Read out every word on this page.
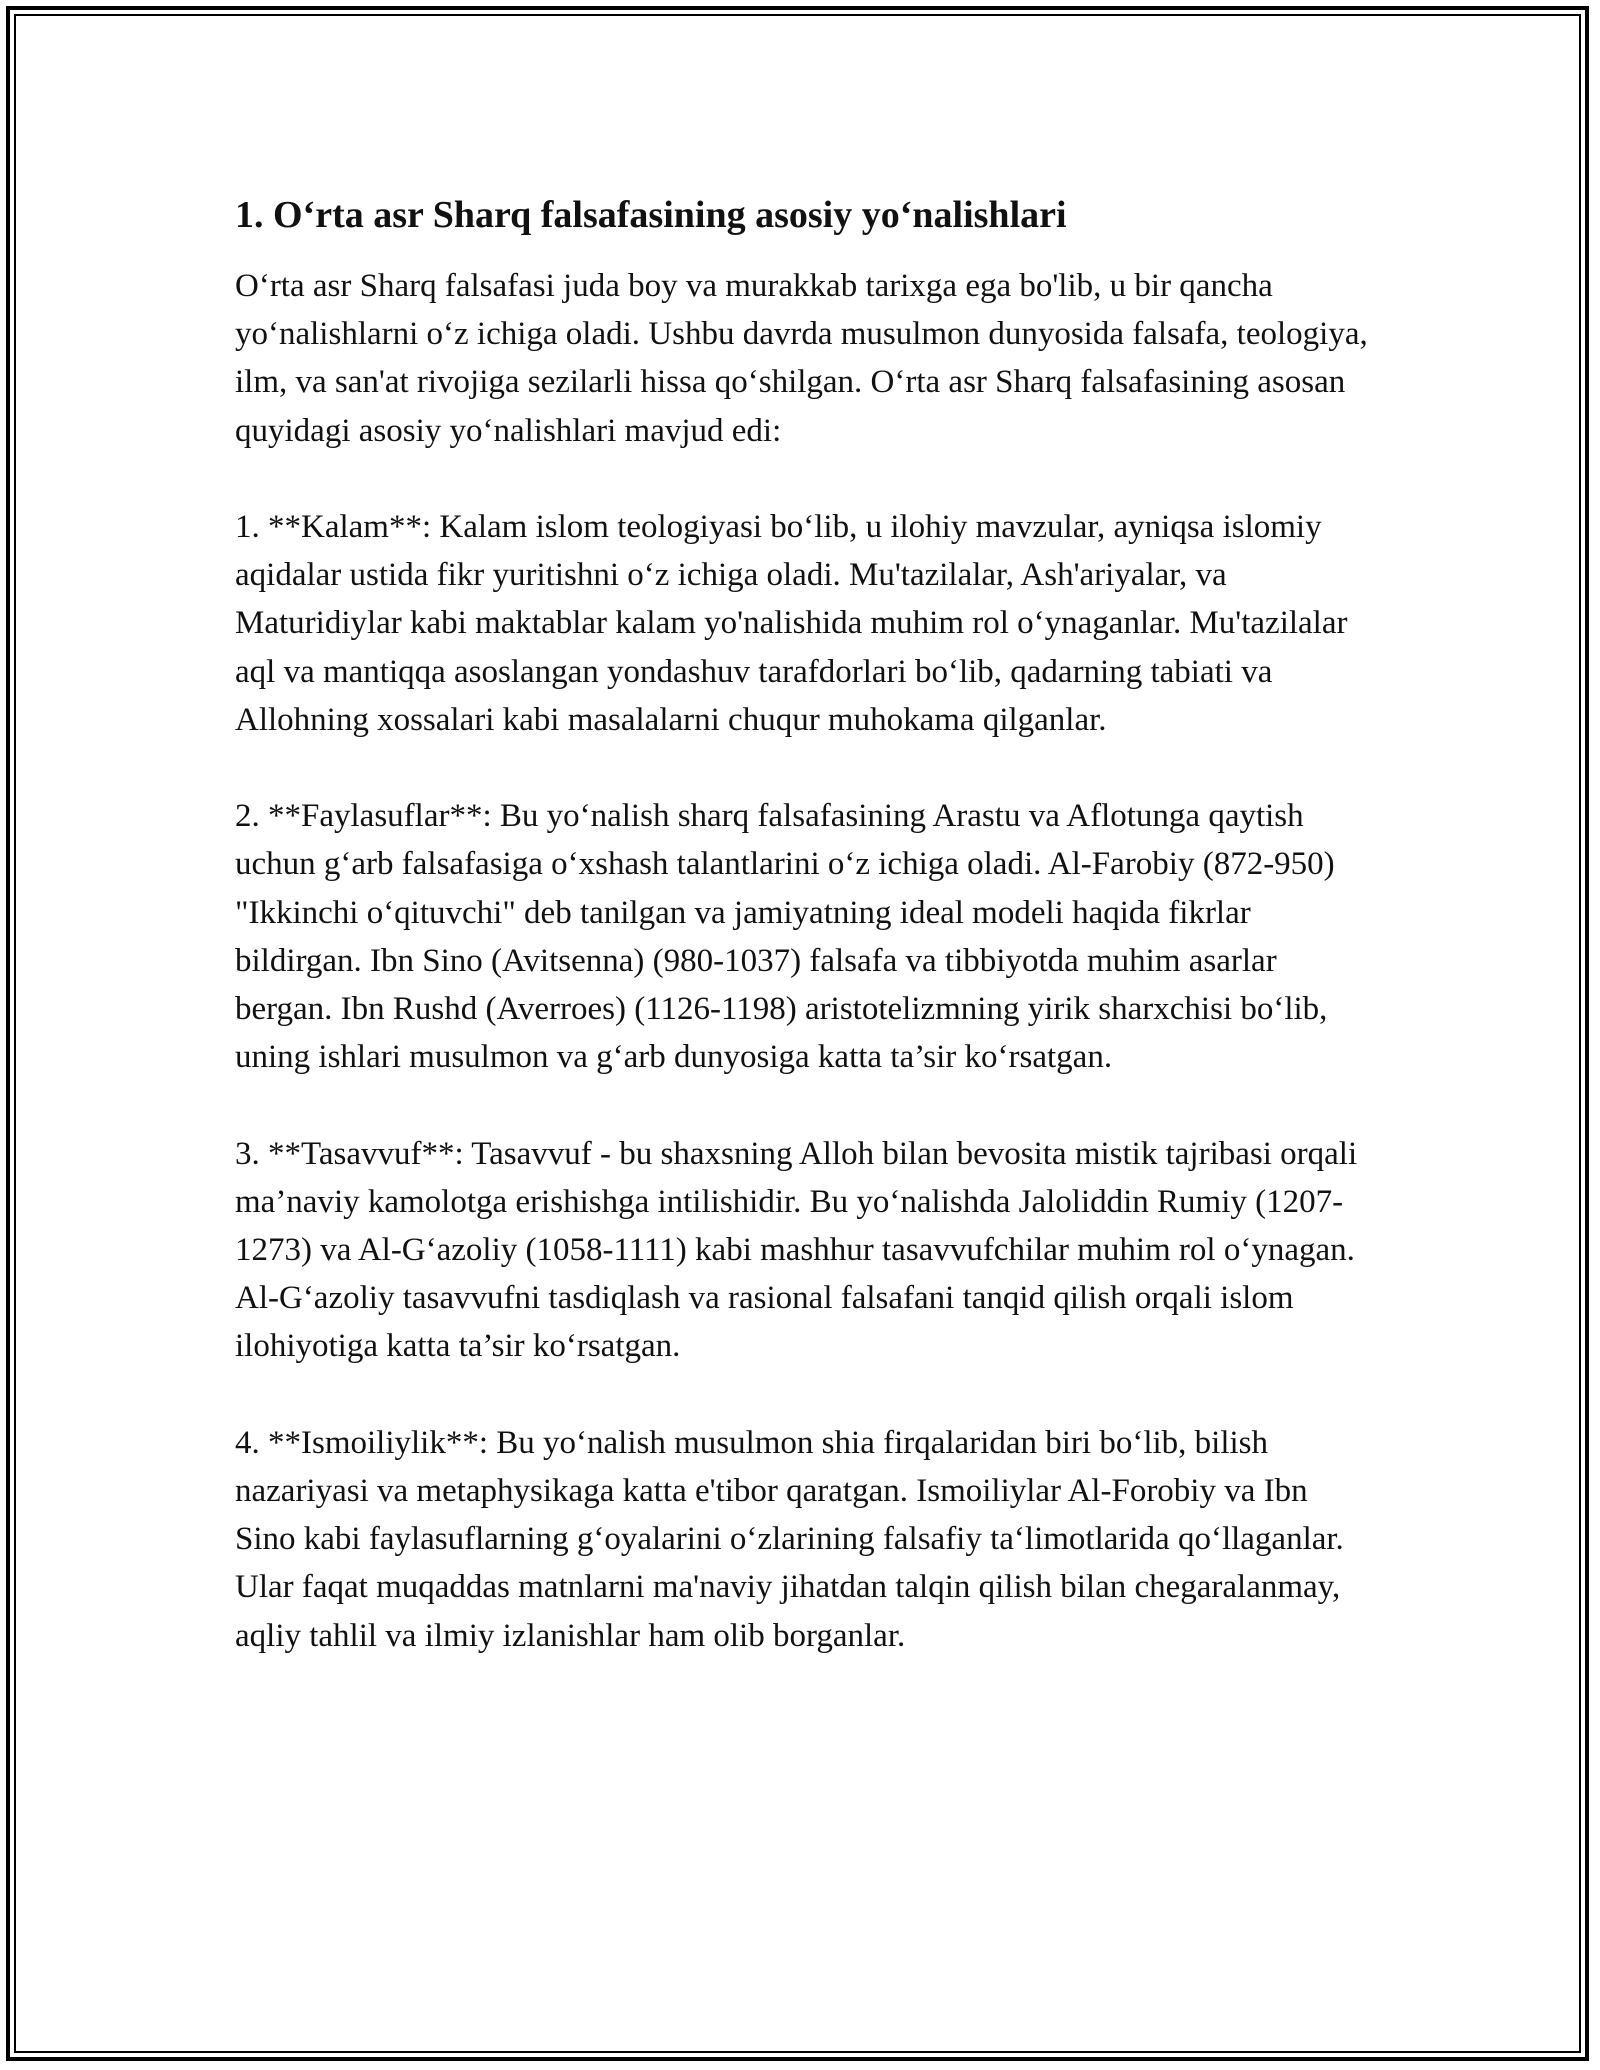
1. Oʻrta asr Sharq falsafasining asosiy yoʻnalishlari

Oʻrta asr Sharq falsafasi juda boy va murakkab tarixga ega bo'lib, u bir qancha yoʻnalishlarni oʻz ichiga oladi. Ushbu davrda musulmon dunyosida falsafa, teologiya, ilm, va san'at rivojiga sezilarli hissa qoʻshilgan. Oʻrta asr Sharq falsafasining asosan quyidagi asosiy yoʻnalishlari mavjud edi:

1. **Kalam**: Kalam islom teologiyasi boʻlib, u ilohiy mavzular, ayniqsa islomiy aqidalar ustida fikr yuritishni oʻz ichiga oladi. Mu'tazilalar, Ash'ariyalar, va Maturidiylar kabi maktablar kalam yo'nalishida muhim rol oʻynaganlar. Mu'tazilalar aql va mantiqqa asoslangan yondashuv tarafdorlari boʻlib, qadarning tabiati va Allohning xossalari kabi masalalarni chuqur muhokama qilganlar.

2. **Faylasuflar**: Bu yoʻnalish sharq falsafasining Arastu va Aflotunga qaytish uchun gʻarb falsafasiga oʻxshash talantlarini oʻz ichiga oladi. Al-Farobiy (872-950) "Ikkinchi oʻqituvchi" deb tanilgan va jamiyatning ideal modeli haqida fikrlar bildirgan. Ibn Sino (Avitsenna) (980-1037) falsafa va tibbiyotda muhim asarlar bergan. Ibn Rushd (Averroes) (1126-1198) aristotelizmning yirik sharxchisi boʻlib, uning ishlari musulmon va gʻarb dunyosiga katta ta’sir koʻrsatgan.

3. **Tasavvuf**: Tasavvuf - bu shaxsning Alloh bilan bevosita mistik tajribasi orqali ma’naviy kamolotga erishishga intilishidir. Bu yoʻnalishda Jaloliddin Rumiy (1207-1273) va Al-Gʻazoliy (1058-1111) kabi mashhur tasavvufchilar muhim rol oʻynagan. Al-Gʻazoliy tasavvufni tasdiqlash va rasional falsafani tanqid qilish orqali islom ilohiyotiga katta ta’sir koʻrsatgan.

4. **Ismoiliylik**: Bu yoʻnalish musulmon shia firqalaridan biri boʻlib, bilish nazariyasi va metaphysikaga katta e'tibor qaratgan. Ismoiliylar Al-Forobiy va Ibn Sino kabi faylasuflarning gʻoyalarini oʻzlarining falsafiy taʻlimotlarida qoʻllaganlar. Ular faqat muqaddas matnlarni ma'naviy jihatdan talqin qilish bilan chegaralanmay, aqliy tahlil va ilmiy izlanishlar ham olib borganlar.
